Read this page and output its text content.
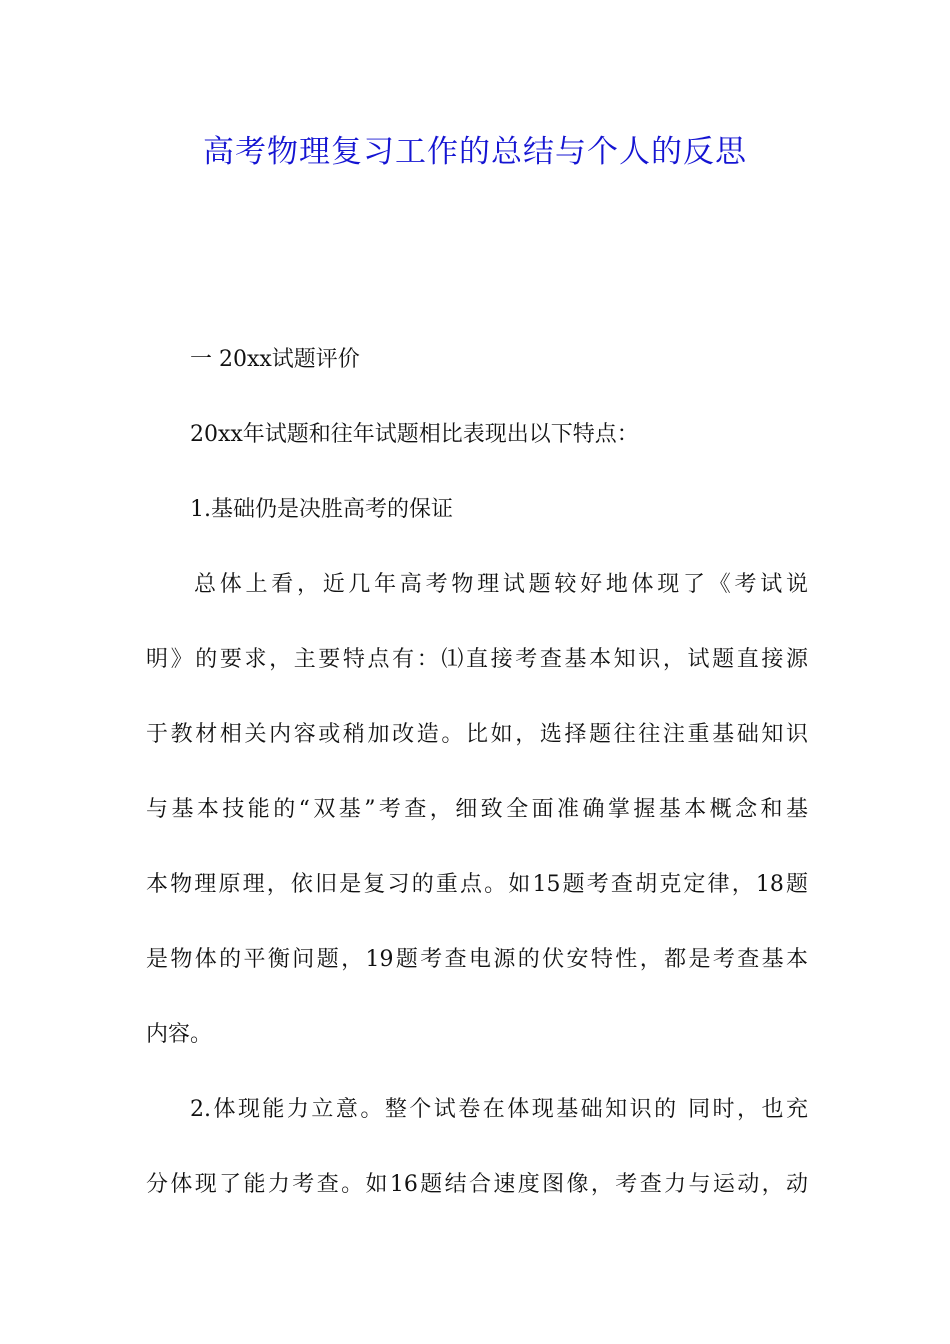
高考物理复习工作的总结与个人的反思
一 20xx试题评价
20xx年试题和往年试题相比表现出以下特点：
1.基础仍是决胜高考的保证
总体上看，近几年高考物理试题较好地体现了《考试说
明》的要求，主要特点有：⑴直接考查基本知识，试题直接源
于教材相关内容或稍加改造。比如，选择题往往注重基础知识
与基本技能的“双基”考查，细致全面准确掌握基本概念和基
本物理原理，依旧是复习的重点。如15题考查胡克定律，18题
是物体的平衡问题，19题考查电源的伏安特性，都是考查基本
内容。
2.体现能力立意。整个试卷在体现基础知识的 同时，也充
分体现了能力考查。如16题结合速度图像，考查力与运动，动
